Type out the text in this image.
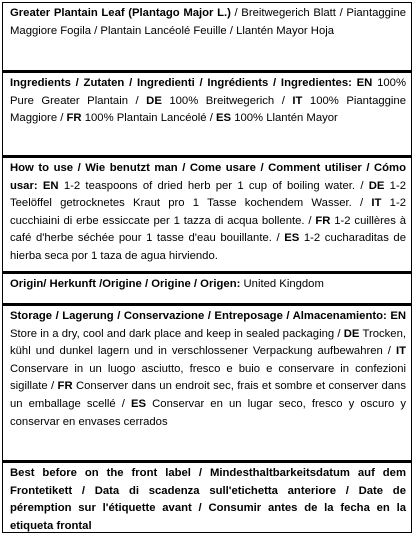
Greater Plantain Leaf (Plantago Major L.) / Breitwegerich Blatt / Piantaggine Maggiore Fogila / Plantain Lancéolé Feuille / Llantén Mayor Hoja
Ingredients / Zutaten / Ingredienti / Ingrédients / Ingredientes: EN 100% Pure Greater Plantain / DE 100% Breitwegerich / IT 100% Piantaggine Maggiore / FR 100% Plantain Lancéolé / ES 100% Llantén Mayor
How to use / Wie benutzt man / Come usare / Comment utiliser / Cómo usar: EN 1-2 teaspoons of dried herb per 1 cup of boiling water. / DE 1-2 Teelöffel getrocknetes Kraut pro 1 Tasse kochendem Wasser. / IT 1-2 cucchiaini di erbe essiccate per 1 tazza di acqua bollente. / FR 1-2 cuillères à café d'herbe séchée pour 1 tasse d'eau bouillante. / ES 1-2 cucharaditas de hierba seca por 1 taza de agua hirviendo.
Origin/ Herkunft /Origine / Origine / Origen: United Kingdom
Storage / Lagerung / Conservazione / Entreposage / Almacenamiento: EN Store in a dry, cool and dark place and keep in sealed packaging / DE Trocken, kühl und dunkel lagern und in verschlossener Verpackung aufbewahren / IT Conservare in un luogo asciutto, fresco e buio e conservare in confezioni sigillate / FR Conserver dans un endroit sec, frais et sombre et conserver dans un emballage scellé / ES Conservar en un lugar seco, fresco y oscuro y conservar en envases cerrados
Best before on the front label / Mindesthaltbarkeitsdatum auf dem Frontetikett / Data di scadenza sull'etichetta anteriore / Date de péremption sur l'étiquette avant / Consumir antes de la fecha en la etiqueta frontal
